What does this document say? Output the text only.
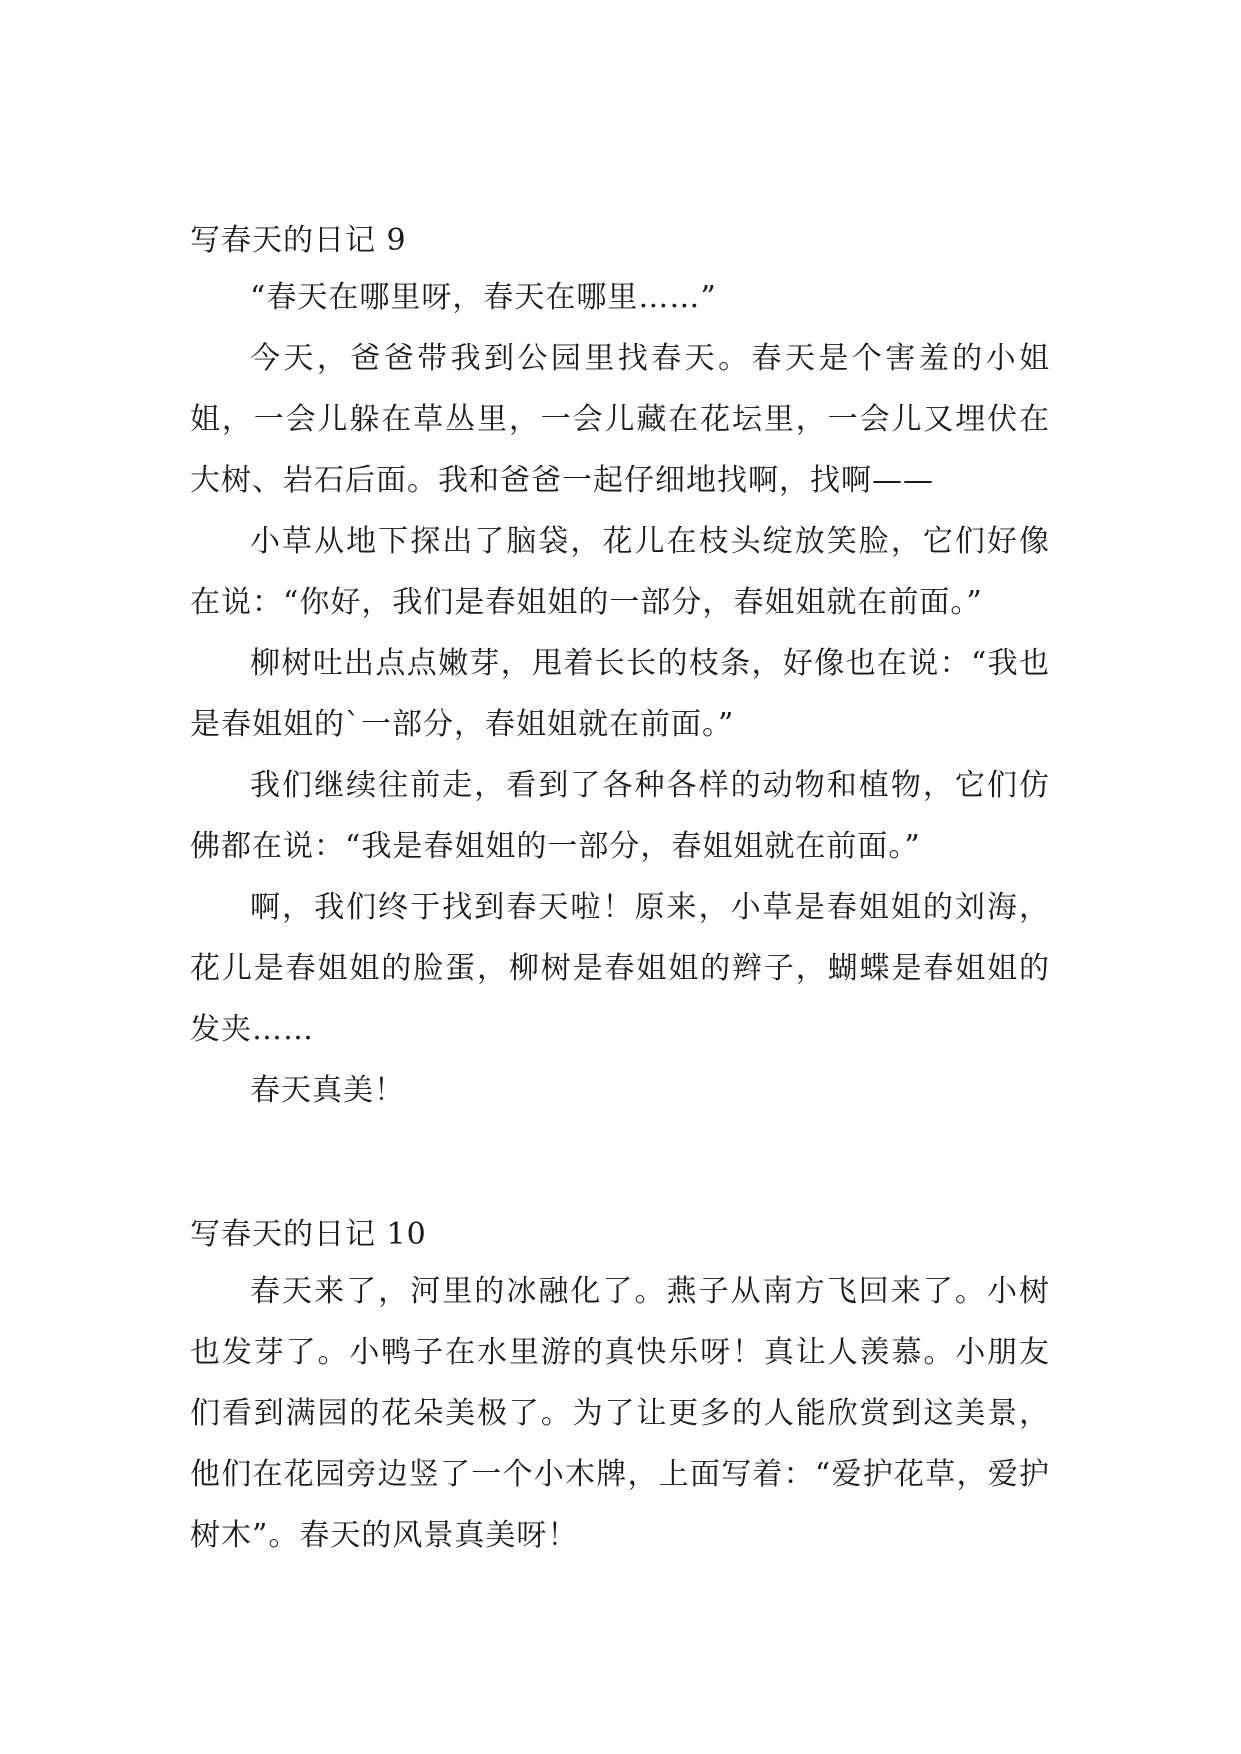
写春天的日记 9

“春天在哪里呀，春天在哪里……”

今天，爸爸带我到公园里找春天。春天是个害羞的小姐姐，一会儿躲在草丛里，一会儿藏在花坛里，一会儿又埋伏在大树、岩石后面。我和爸爸一起仔细地找啊，找啊——

小草从地下探出了脑袋，花儿在枝头绽放笑脸，它们好像在说：“你好，我们是春姐姐的一部分，春姐姐就在前面。”

柳树吐出点点嫩芽，甩着长长的枝条，好像也在说：“我也是春姐姐的`一部分，春姐姐就在前面。”

我们继续往前走，看到了各种各样的动物和植物，它们仿佛都在说：“我是春姐姐的一部分，春姐姐就在前面。”

啊，我们终于找到春天啦！原来，小草是春姐姐的刘海，花儿是春姐姐的脸蛋，柳树是春姐姐的辫子，蝴蝶是春姐姐的发夹……

春天真美！

写春天的日记 10

春天来了，河里的冰融化了。燕子从南方飞回来了。小树也发芽了。小鸭子在水里游的真快乐呀！真让人羡慕。小朋友们看到满园的花朵美极了。为了让更多的人能欣赏到这美景，他们在花园旁边竖了一个小木牌，上面写着：“爱护花草，爱护树木”。春天的风景真美呀！
